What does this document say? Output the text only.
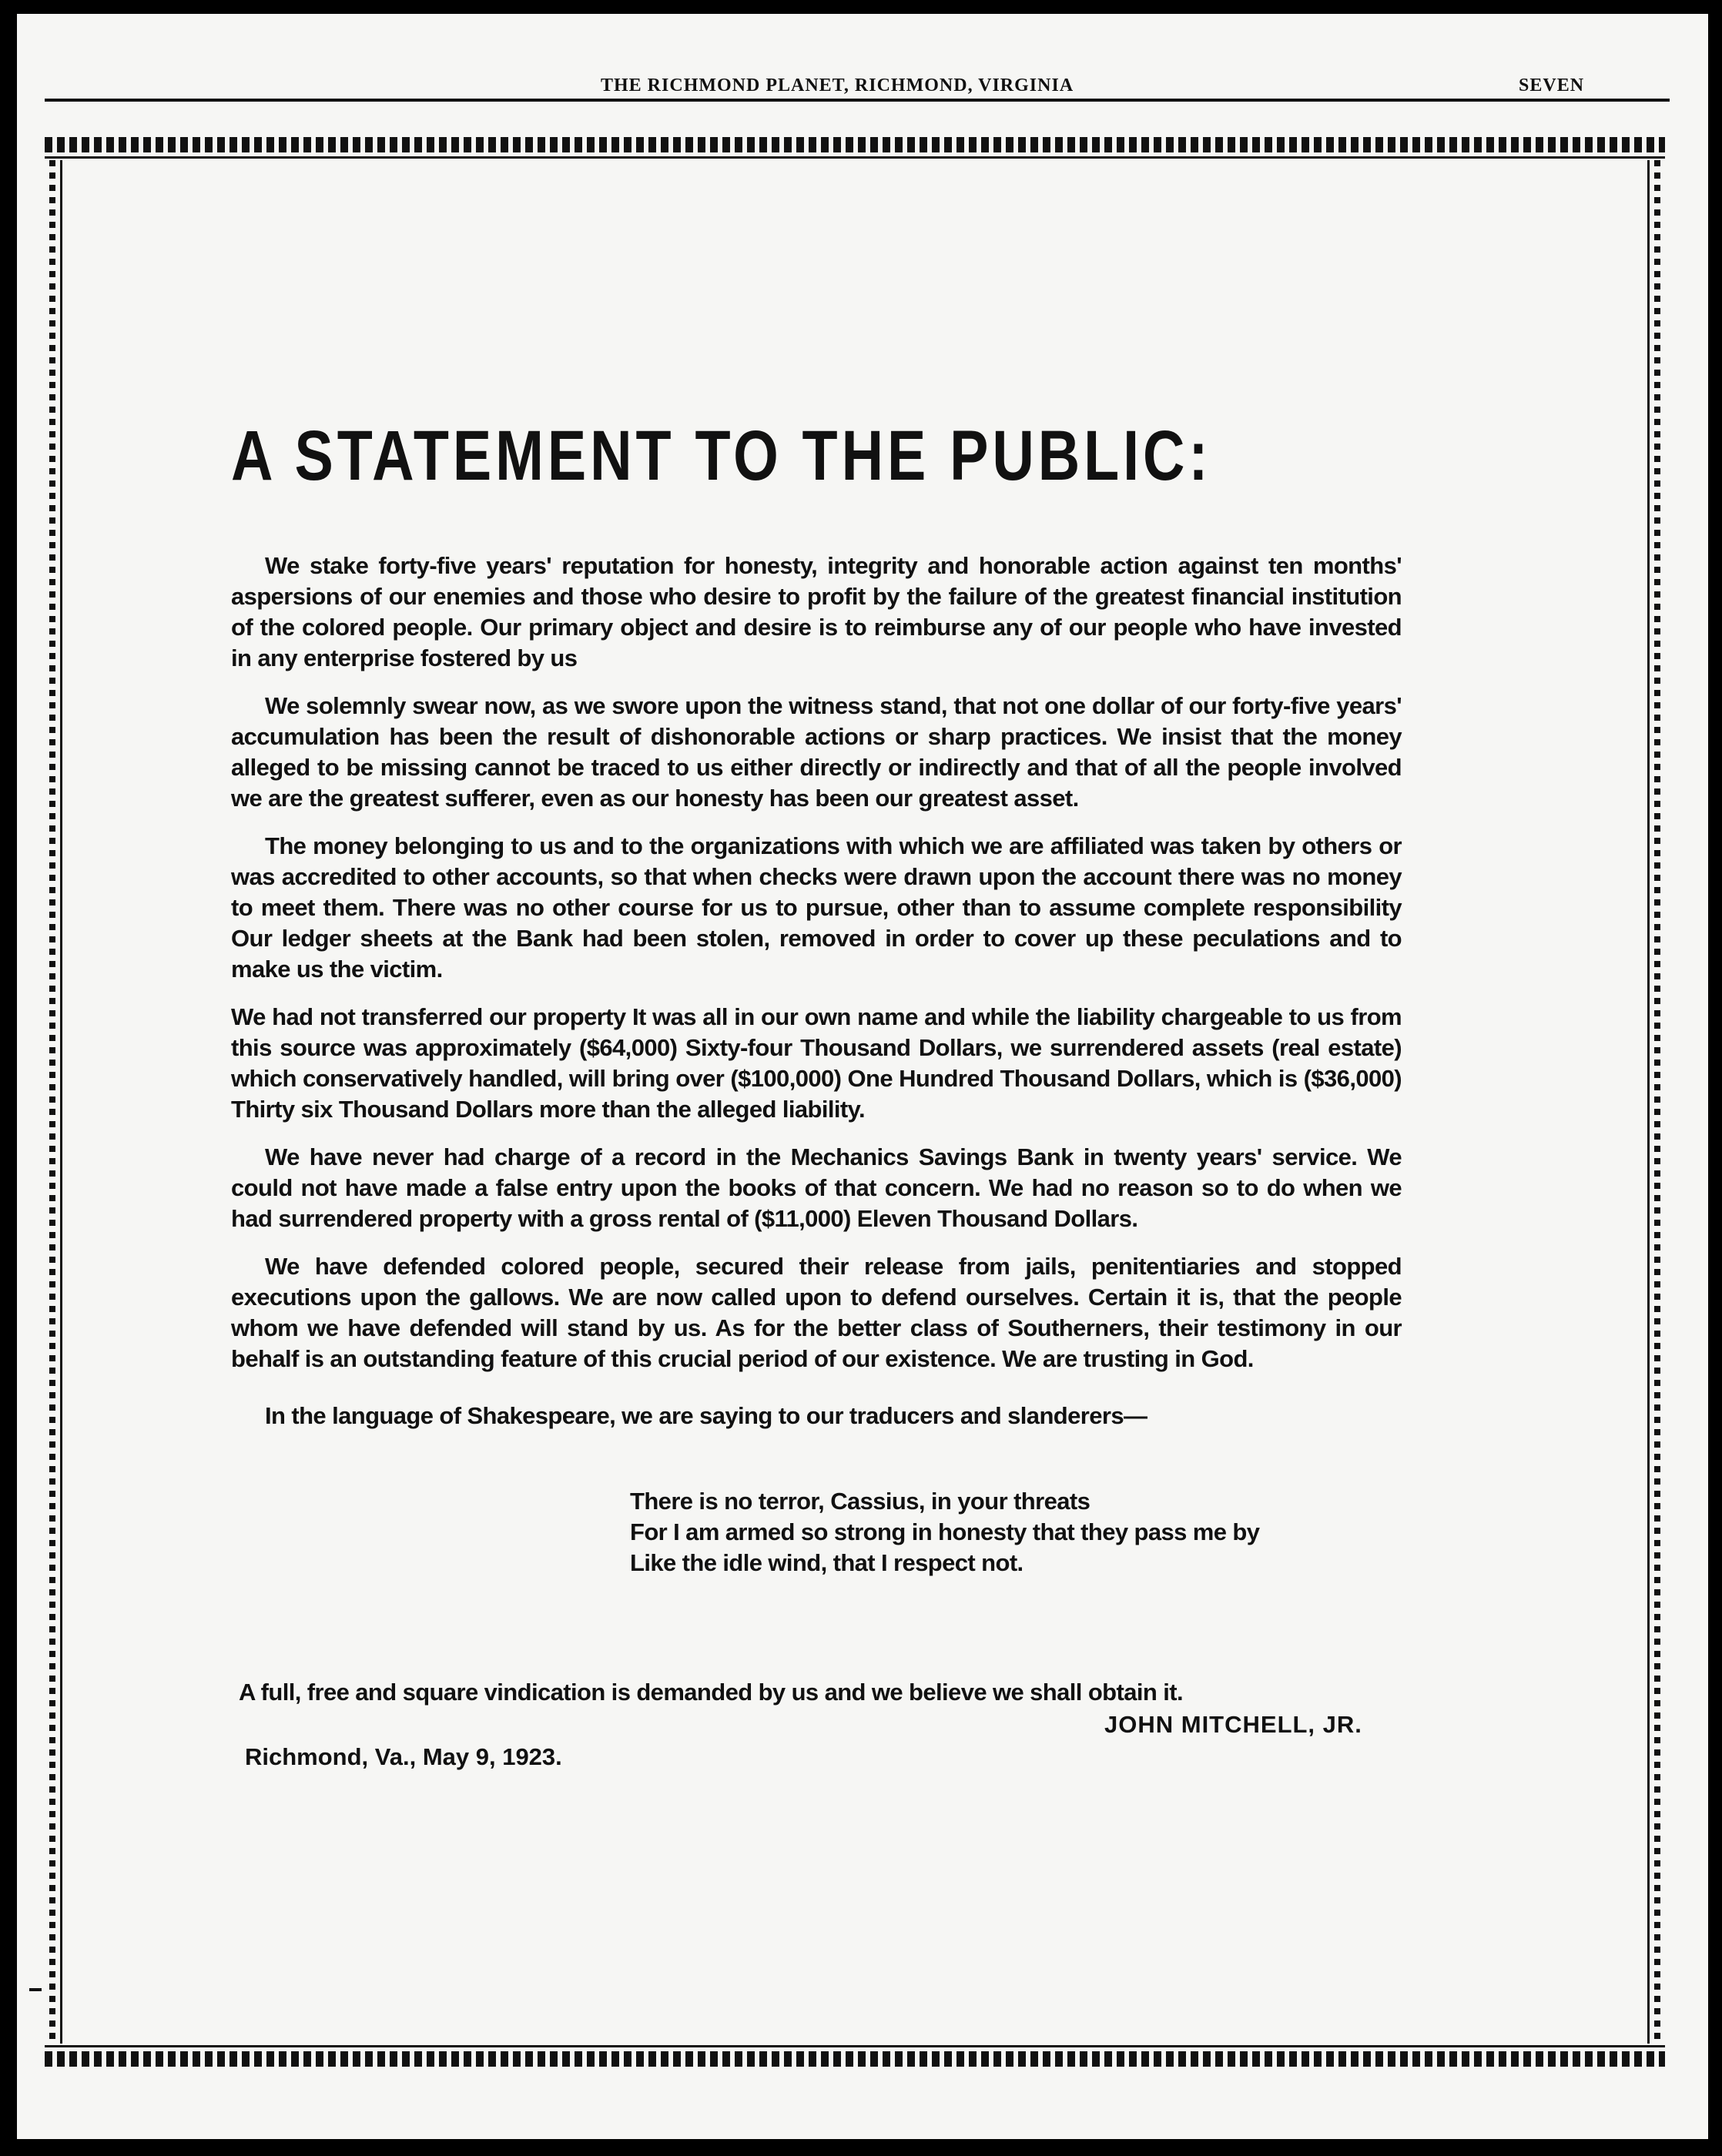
THE RICHMOND PLANET, RICHMOND, VIRGINIA	SEVEN
A STATEMENT TO THE PUBLIC:

We stake forty-five years' reputation for honesty, integrity and honorable action against ten months' aspersions of our enemies and those who desire to profit by the failure of the greatest financial institution of the colored people. Our primary object and desire is to reimburse any of our people who have invested in any enterprise fostered by us

We solemnly swear now, as we swore upon the witness stand, that not one dollar of our forty-five years' accumulation has been the result of dishonorable actions or sharp practices. We insist that the money alleged to be missing cannot be traced to us either directly or indirectly and that of all the people involved we are the greatest sufferer, even as our honesty has been our greatest asset.

The money belonging to us and to the organizations with which we are affiliated was taken by others or was accredited to other accounts, so that when checks were drawn upon the account there was no money to meet them. There was no other course for us to pursue, other than to assume complete responsibility Our ledger sheets at the Bank had been stolen, removed in order to cover up these peculations and to make us the victim.

We had not transferred our property It was all in our own name and while the liability chargeable to us from this source was approximately ($64,000) Sixty-four Thousand Dollars, we surrendered assets (real estate) which conservatively handled, will bring over ($100,000) One Hundred Thousand Dollars, which is ($36,000) Thirty six Thousand Dollars more than the alleged liability.

We have never had charge of a record in the Mechanics Savings Bank in twenty years' service. We could not have made a false entry upon the books of that concern. We had no reason so to do when we had surrendered property with a gross rental of ($11,000) Eleven Thousand Dollars.

We have defended colored people, secured their release from jails, penitentiaries and stopped executions upon the gallows. We are now called upon to defend ourselves. Certain it is, that the people whom we have defended will stand by us. As for the better class of Southerners, their testimony in our behalf is an outstanding feature of this crucial period of our existence. We are trusting in God.

In the language of Shakespeare, we are saying to our traducers and slanderers—
There is no terror, Cassius, in your threats
For I am armed so strong in honesty that they pass me by
Like the idle wind, that I respect not.
A full, free and square vindication is demanded by us and we believe we shall obtain it.
JOHN MITCHELL, JR.
Richmond, Va., May 9, 1923.
